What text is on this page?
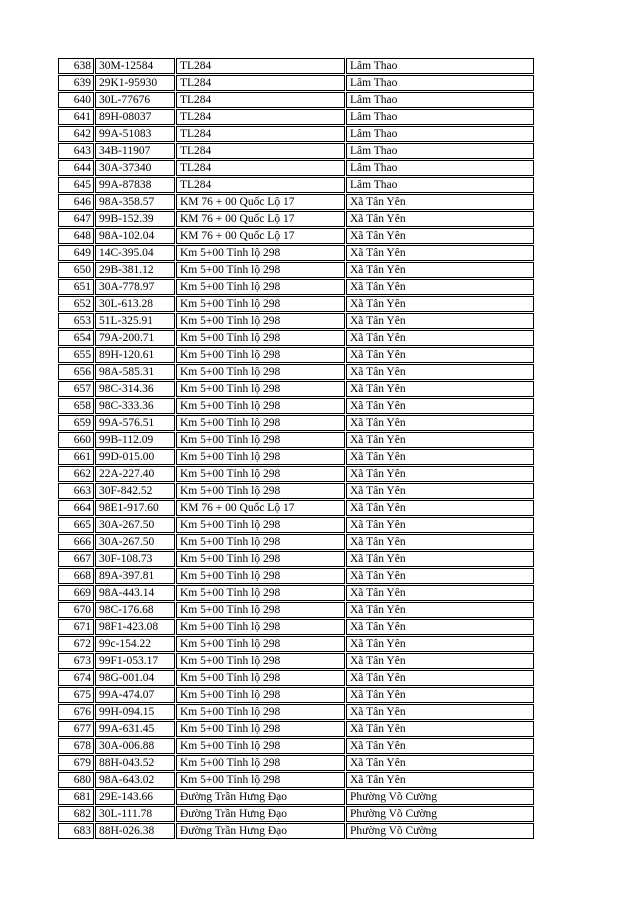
638	30M-12584	TL284	Lâm Thao
639	29K1-95930	TL284	Lâm Thao
640	30L-77676	TL284	Lâm Thao
641	89H-08037	TL284	Lâm Thao
642	99A-51083	TL284	Lâm Thao
643	34B-11907	TL284	Lâm Thao
644	30A-37340	TL284	Lâm Thao
645	99A-87838	TL284	Lâm Thao
646	98A-358.57	KM 76 + 00 Quốc Lộ 17	Xã Tân Yên
647	99B-152.39	KM 76 + 00 Quốc Lộ 17	Xã Tân Yên
648	98A-102.04	KM 76 + 00 Quốc Lộ 17	Xã Tân Yên
649	14C-395.04	Km 5+00 Tỉnh lộ 298	Xã Tân Yên
650	29B-381.12	Km 5+00 Tỉnh lộ 298	Xã Tân Yên
651	30A-778.97	Km 5+00 Tỉnh lộ 298	Xã Tân Yên
652	30L-613.28	Km 5+00 Tỉnh lộ 298	Xã Tân Yên
653	51L-325.91	Km 5+00 Tỉnh lộ 298	Xã Tân Yên
654	79A-200.71	Km 5+00 Tỉnh lộ 298	Xã Tân Yên
655	89H-120.61	Km 5+00 Tỉnh lộ 298	Xã Tân Yên
656	98A-585.31	Km 5+00 Tỉnh lộ 298	Xã Tân Yên
657	98C-314.36	Km 5+00 Tỉnh lộ 298	Xã Tân Yên
658	98C-333.36	Km 5+00 Tỉnh lộ 298	Xã Tân Yên
659	99A-576.51	Km 5+00 Tỉnh lộ 298	Xã Tân Yên
660	99B-112.09	Km 5+00 Tỉnh lộ 298	Xã Tân Yên
661	99D-015.00	Km 5+00 Tỉnh lộ 298	Xã Tân Yên
662	22A-227.40	Km 5+00 Tỉnh lộ 298	Xã Tân Yên
663	30F-842.52	Km 5+00 Tỉnh lộ 298	Xã Tân Yên
664	98E1-917.60	KM 76 + 00 Quốc Lộ 17	Xã Tân Yên
665	30A-267.50	Km 5+00 Tỉnh lộ 298	Xã Tân Yên
666	30A-267.50	Km 5+00 Tỉnh lộ 298	Xã Tân Yên
667	30F-108.73	Km 5+00 Tỉnh lộ 298	Xã Tân Yên
668	89A-397.81	Km 5+00 Tỉnh lộ 298	Xã Tân Yên
669	98A-443.14	Km 5+00 Tỉnh lộ 298	Xã Tân Yên
670	98C-176.68	Km 5+00 Tỉnh lộ 298	Xã Tân Yên
671	98F1-423.08	Km 5+00 Tỉnh lộ 298	Xã Tân Yên
672	99c-154.22	Km 5+00 Tỉnh lộ 298	Xã Tân Yên
673	99F1-053.17	Km 5+00 Tỉnh lộ 298	Xã Tân Yên
674	98G-001.04	Km 5+00 Tỉnh lộ 298	Xã Tân Yên
675	99A-474.07	Km 5+00 Tỉnh lộ 298	Xã Tân Yên
676	99H-094.15	Km 5+00 Tỉnh lộ 298	Xã Tân Yên
677	99A-631.45	Km 5+00 Tỉnh lộ 298	Xã Tân Yên
678	30A-006.88	Km 5+00 Tỉnh lộ 298	Xã Tân Yên
679	88H-043.52	Km 5+00 Tỉnh lộ 298	Xã Tân Yên
680	98A-643.02	Km 5+00 Tỉnh lộ 298	Xã Tân Yên
681	29E-143.66	Đường Trần Hưng Đạo	Phường Võ Cường
682	30L-111.78	Đường Trần Hưng Đạo	Phường Võ Cường
683	88H-026.38	Đường Trần Hưng Đạo	Phường Võ Cường
